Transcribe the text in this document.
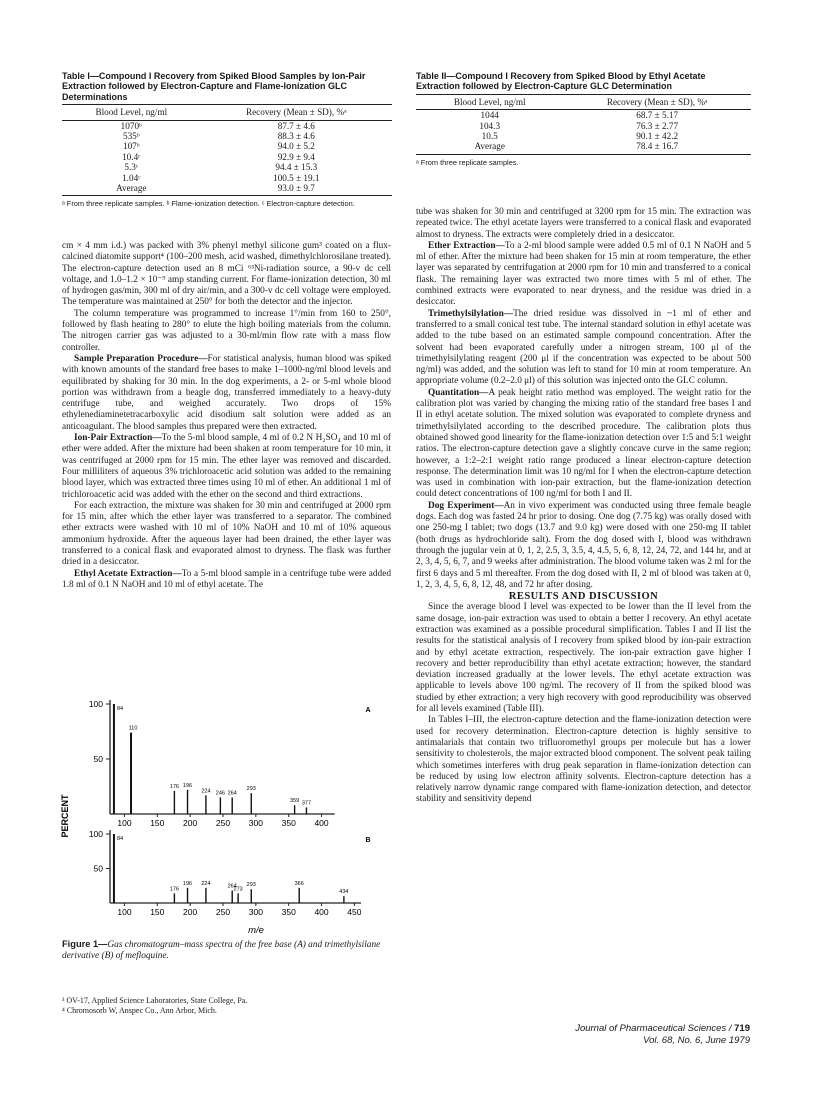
Table I—Compound I Recovery from Spiked Blood Samples by Ion-Pair Extraction followed by Electron-Capture and Flame-Ionization GLC Determinations
Blood Level, ng/ml	Recovery (Mean ± SD), %ᵃ
1070ᵇ	87.7 ± 4.6
535ᵇ	88.3 ± 4.6
107ᵇ	94.0 ± 5.2
10.4ᶜ	92.9 ± 9.4
5.3ᶜ	94.4 ± 15.3
1.04ᶜ	100.5 ± 19.1
Average	93.0 ± 9.7
ᵃ From three replicate samples. ᵇ Flame-ionization detection. ᶜ Electron-capture detection.
Table II—Compound I Recovery from Spiked Blood by Ethyl Acetate Extraction followed by Electron-Capture GLC Determination
Blood Level, ng/ml	Recovery (Mean ± SD), %ᵃ
1044	68.7 ± 5.17
104.3	76.3 ± 2.77
10.5	90.1 ± 42.2
Average	78.4 ± 16.7
ᵃ From three replicate samples.

cm × 4 mm i.d.) was packed with 3% phenyl methyl silicone gum³ coated on a flux-calcined diatomite support⁴ (100–200 mesh, acid washed, dimethylchlorosilane treated). The electron-capture detection used an 8 mCi ⁶³Ni-radiation source, a 90-v dc cell voltage, and 1.0–1.2 × 10⁻⁹ amp standing current. For flame-ionization detection, 30 ml of hydrogen gas/min, 300 ml of dry air/min, and a 300-v dc cell voltage were employed. The temperature was maintained at 250° for both the detector and the injector.

The column temperature was programmed to increase 1°/min from 160 to 250°, followed by flash heating to 280° to elute the high boiling materials from the column. The nitrogen carrier gas was adjusted to a 30-ml/min flow rate with a mass flow controller.

Sample Preparation Procedure—For statistical analysis, human blood was spiked with known amounts of the standard free bases to make 1–1000-ng/ml blood levels and equilibrated by shaking for 30 min. In the dog experiments, a 2- or 5-ml whole blood portion was withdrawn from a beagle dog, transferred immediately to a heavy-duty centrifuge tube, and weighed accurately. Two drops of 15% ethylenediaminetetracarboxylic acid disodium salt solution were added as an anticoagulant. The blood samples thus prepared were then extracted.

Ion-Pair Extraction—To the 5-ml blood sample, 4 ml of 0.2 N H₂SO₄ and 10 ml of ether were added. After the mixture had been shaken at room temperature for 10 min, it was centrifuged at 2000 rpm for 15 min. The ether layer was removed and discarded. Four milliliters of aqueous 3% trichloroacetic acid solution was added to the remaining blood layer, which was extracted three times using 10 ml of ether. An additional 1 ml of trichloroacetic acid was added with the ether on the second and third extractions.

For each extraction, the mixture was shaken for 30 min and centrifuged at 2000 rpm for 15 min, after which the ether layer was transferred to a separator. The combined ether extracts were washed with 10 ml of 10% NaOH and 10 ml of 10% aqueous ammonium hydroxide. After the aqueous layer had been drained, the ether layer was transferred to a conical flask and evaporated almost to dryness. The flask was further dried in a desiccator.

Ethyl Acetate Extraction—To a 5-ml blood sample in a centrifuge tube were added 1.8 ml of 0.1 N NaOH and 10 ml of ethyl acetate. The

50
100
100 150 200 250 300 350 400
84
110
176 196
224 246 264
293
359 377
A
50
100
100 150 200 250 300 350 400 450
84
176
196 224	264
273
293	366
434
B
PERCENT
m/e
Figure 1—Gas chromatogram–mass spectra of the free base (A) and trimethylsilane derivative (B) of mefloquine.
³ OV-17, Applied Science Laboratories, State College, Pa.
⁴ Chromosorb W, Anspec Co., Ann Arbor, Mich.

tube was shaken for 30 min and centrifuged at 3200 rpm for 15 min. The extraction was repeated twice. The ethyl acetate layers were transferred to a conical flask and evaporated almost to dryness. The extracts were completely dried in a desiccator.

Ether Extraction—To a 2-ml blood sample were added 0.5 ml of 0.1 N NaOH and 5 ml of ether. After the mixture had been shaken for 15 min at room temperature, the ether layer was separated by centrifugation at 2000 rpm for 10 min and transferred to a conical flask. The remaining layer was extracted two more times with 5 ml of ether. The combined extracts were evaporated to near dryness, and the residue was dried in a desiccator.

Trimethylsilylation—The dried residue was dissolved in ~1 ml of ether and transferred to a small conical test tube. The internal standard solution in ethyl acetate was added to the tube based on an estimated sample compound concentration. After the solvent had been evaporated carefully under a nitrogen stream, 100 μl of the trimethylsilylating reagent (200 μl if the concentration was expected to be about 500 ng/ml) was added, and the solution was left to stand for 10 min at room temperature. An appropriate volume (0.2–2.0 μl) of this solution was injected onto the GLC column.

Quantitation—A peak height ratio method was employed. The weight ratio for the calibration plot was varied by changing the mixing ratio of the standard free bases I and II in ethyl acetate solution. The mixed solution was evaporated to complete dryness and trimethylsilylated according to the described procedure. The calibration plots thus obtained showed good linearity for the flame-ionization detection over 1:5 and 5:1 weight ratios. The electron-capture detection gave a slightly concave curve in the same region; however, a 1:2–2:1 weight ratio range produced a linear electron-capture detection response. The determination limit was 10 ng/ml for I when the electron-capture detection was used in combination with ion-pair extraction, but the flame-ionization detection could detect concentrations of 100 ng/ml for both I and II.

Dog Experiment—An in vivo experiment was conducted using three female beagle dogs. Each dog was fasted 24 hr prior to dosing. One dog (7.75 kg) was orally dosed with one 250-mg I tablet; two dogs (13.7 and 9.0 kg) were dosed with one 250-mg II tablet (both drugs as hydrochloride salt). From the dog dosed with I, blood was withdrawn through the jugular vein at 0, 1, 2, 2.5, 3, 3.5, 4, 4.5, 5, 6, 8, 12, 24, 72, and 144 hr, and at 2, 3, 4, 5, 6, 7, and 9 weeks after administration. The blood volume taken was 2 ml for the first 6 days and 5 ml thereafter. From the dog dosed with II, 2 ml of blood was taken at 0, 1, 2, 3, 4, 5, 6, 8, 12, 48, and 72 hr after dosing.

RESULTS AND DISCUSSION

Since the average blood I level was expected to be lower than the II level from the same dosage, ion-pair extraction was used to obtain a better I recovery. An ethyl acetate extraction was examined as a possible procedural simplification. Tables I and II list the results for the statistical analysis of I recovery from spiked blood by ion-pair extraction and by ethyl acetate extraction, respectively. The ion-pair extraction gave higher I recovery and better reproducibility than ethyl acetate extraction; however, the standard deviation increased gradually at the lower levels. The ethyl acetate extraction was applicable to levels above 100 ng/ml. The recovery of II from the spiked blood was studied by ether extraction; a very high recovery with good reproducibility was observed for all levels examined (Table III).

In Tables I–III, the electron-capture detection and the flame-ionization detection were used for recovery determination. Electron-capture detection is highly sensitive to antimalarials that contain two trifluoromethyl groups per molecule but has a lower sensitivity to cholesterols, the major extracted blood component. The solvent peak tailing which sometimes interferes with drug peak separation in flame-ionization detection can be reduced by using low electron affinity solvents. Electron-capture detection has a relatively narrow dynamic range compared with flame-ionization detection, and detector stability and sensitivity depend

Journal of Pharmaceutical Sciences / 719
Vol. 68, No. 6, June 1979
